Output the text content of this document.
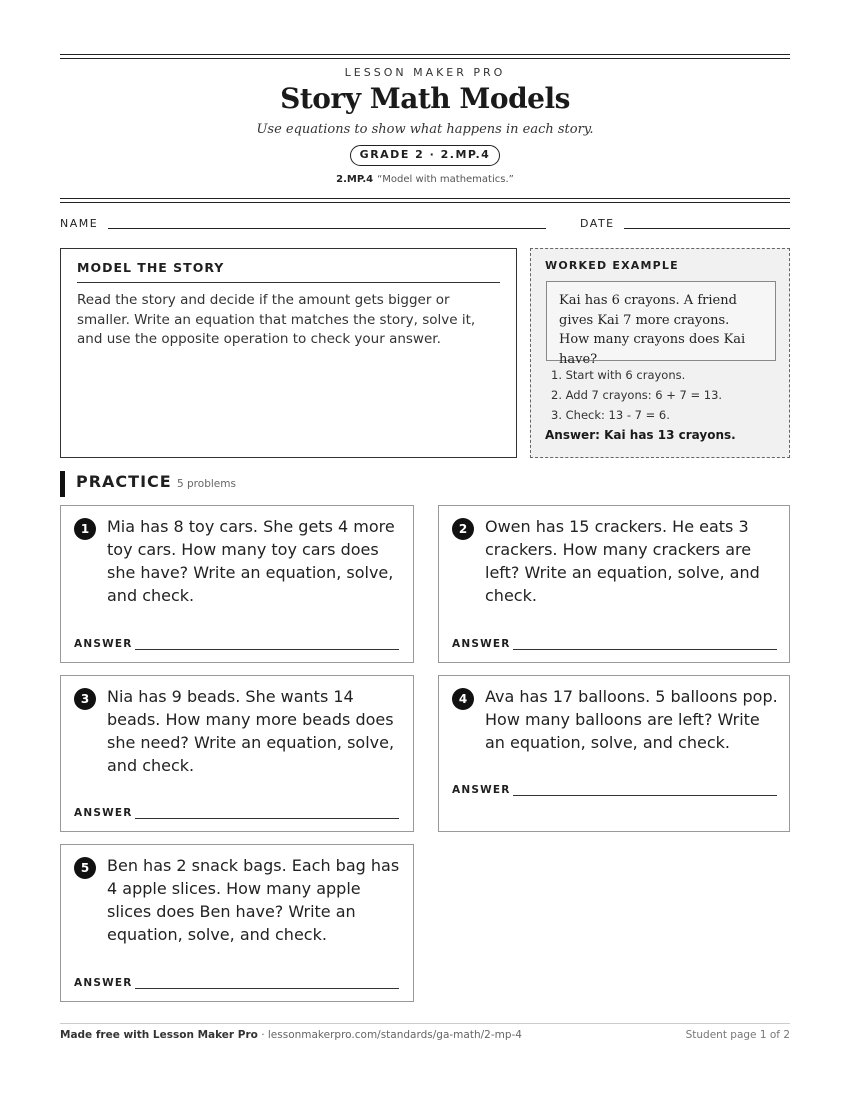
LESSON MAKER PRO
Story Math Models
Use equations to show what happens in each story.
GRADE 2 · 2.MP.4
2.MP.4 “Model with mathematics.”
NAME	DATE
MODEL THE STORY
Read the story and decide if the amount gets bigger or smaller. Write an equation that matches the story, solve it, and use the opposite operation to check your answer.
WORKED EXAMPLE
Kai has 6 crayons. A friend gives Kai 7 more crayons. How many crayons does Kai have?
1. Start with 6 crayons.
2. Add 7 crayons: 6 + 7 = 13.
3. Check: 13 - 7 = 6.
Answer: Kai has 13 crayons.
PRACTICE 5 problems
1	Mia has 8 toy cars. She gets 4 more toy cars. How many toy cars does she have? Write an equation, solve, and check.
ANSWER
2	Owen has 15 crackers. He eats 3 crackers. How many crackers are left? Write an equation, solve, and check.
ANSWER
3	Nia has 9 beads. She wants 14 beads. How many more beads does she need? Write an equation, solve, and check.
ANSWER
4	Ava has 17 balloons. 5 balloons pop. How many balloons are left? Write an equation, solve, and check.
ANSWER
5	Ben has 2 snack bags. Each bag has 4 apple slices. How many apple slices does Ben have? Write an equation, solve, and check.
ANSWER
Made free with Lesson Maker Pro · lessonmakerpro.com/standards/ga-math/2-mp-4	Student page 1 of 2
